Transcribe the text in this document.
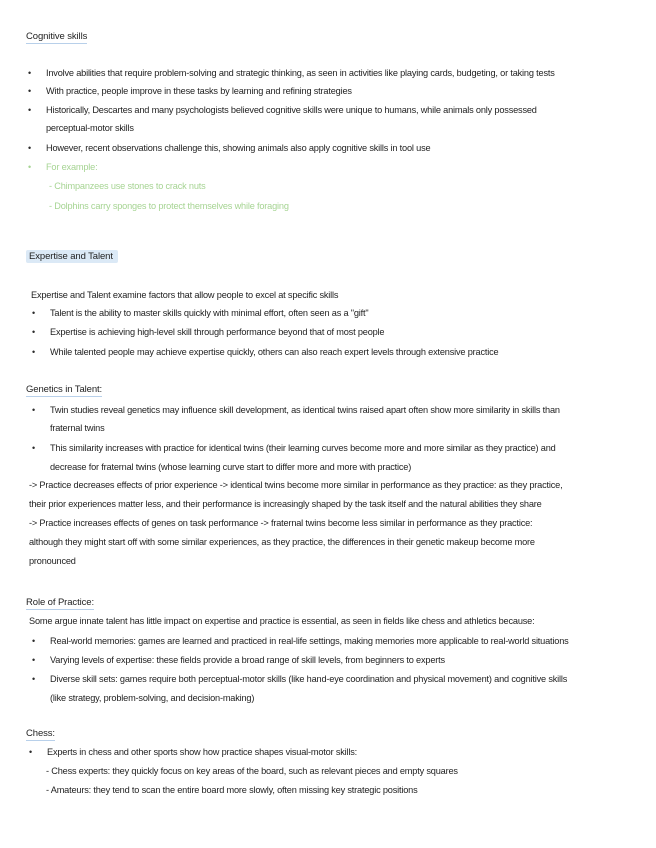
Cognitive skills
• Involve abilities that require problem-solving and strategic thinking, as seen in activities like playing cards, budgeting, or taking tests
• With practice, people improve in these tasks by learning and refining strategies
• Historically, Descartes and many psychologists believed cognitive skills were unique to humans, while animals only possessed
perceptual-motor skills
• However, recent observations challenge this, showing animals also apply cognitive skills in tool use
• For example:
- Chimpanzees use stones to crack nuts
- Dolphins carry sponges to protect themselves while foraging
Expertise and Talent
Expertise and Talent examine factors that allow people to excel at specific skills
• Talent is the ability to master skills quickly with minimal effort, often seen as a "gift"
• Expertise is achieving high-level skill through performance beyond that of most people
• While talented people may achieve expertise quickly, others can also reach expert levels through extensive practice
Genetics in Talent:
• Twin studies reveal genetics may influence skill development, as identical twins raised apart often show more similarity in skills than
fraternal twins
• This similarity increases with practice for identical twins (their learning curves become more and more similar as they practice) and
decrease for fraternal twins (whose learning curve start to differ more and more with practice)
-> Practice decreases effects of prior experience -> identical twins become more similar in performance as they practice: as they practice,
their prior experiences matter less, and their performance is increasingly shaped by the task itself and the natural abilities they share
-> Practice increases effects of genes on task performance -> fraternal twins become less similar in performance as they practice:
although they might start off with some similar experiences, as they practice, the differences in their genetic makeup become more
pronounced
Role of Practice:
Some argue innate talent has little impact on expertise and practice is essential, as seen in fields like chess and athletics because:
• Real-world memories: games are learned and practiced in real-life settings, making memories more applicable to real-world situations
• Varying levels of expertise: these fields provide a broad range of skill levels, from beginners to experts
• Diverse skill sets: games require both perceptual-motor skills (like hand-eye coordination and physical movement) and cognitive skills
(like strategy, problem-solving, and decision-making)
Chess:
• Experts in chess and other sports show how practice shapes visual-motor skills:
- Chess experts: they quickly focus on key areas of the board, such as relevant pieces and empty squares
- Amateurs: they tend to scan the entire board more slowly, often missing key strategic positions
